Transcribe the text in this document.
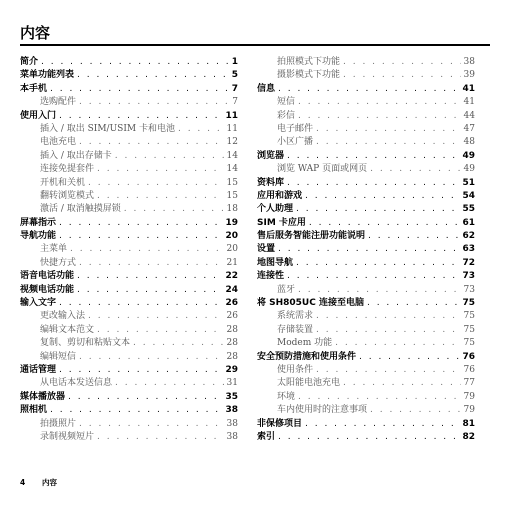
内容
简介 . . .	1
菜单功能列表 . . .	5
本手机 . . .	7
选购配件 . . .	7
使用入门 . . .	11
插入 / 取出 SIM/USIM 卡和电池 . . .	11
电池充电 . . .	12
插入 / 取出存储卡 . . .	14
连接免提套件 . . .	14
开机和关机 . . .	15
翻转浏览模式 . . .	15
激活 / 取消触摸屏锁 . . .	18
屏幕指示 . . .	19
导航功能 . . .	20
主菜单 . . .	20
快捷方式 . . .	21
语音电话功能 . . .	22
视频电话功能 . . .	24
输入文字 . . .	26
更改输入法 . . .	26
编辑文本范文 . . .	28
复制、剪切和粘贴文本 . . .	28
编辑短信 . . .	28
通话管理 . . .	29
从电话本发送信息 . . .	31
媒体播放器 . . .	35
照相机 . . .	38
拍摄照片 . . .	38
录制视频短片 . . .	38
拍照模式下功能 . . .	38
摄影模式下功能 . . .	39
信息 . . .	41
短信 . . .	41
彩信 . . .	44
电子邮件 . . .	47
小区广播 . . .	48
浏览器 . . .	49
浏览 WAP 页面或网页 . . .	49
资料库 . . .	51
应用和游戏 . . .	54
个人助理 . . .	55
SIM 卡应用 . . .	61
售后服务智能注册功能说明 . . .	62
设置 . . .	63
地图导航 . . .	72
连接性 . . .	73
蓝牙 . . .	73
将 SH805UC 连接至电脑 . . .	75
系统需求 . . .	75
存储装置 . . .	75
Modem 功能 . . .	75
安全预防措施和使用条件 . . .	76
使用条件 . . .	76
太阳能电池充电 . . .	77
环境 . . .	79
车内使用时的注意事项 . . .	79
非保修项目 . . .	81
索引 . . .	82
4 内容
